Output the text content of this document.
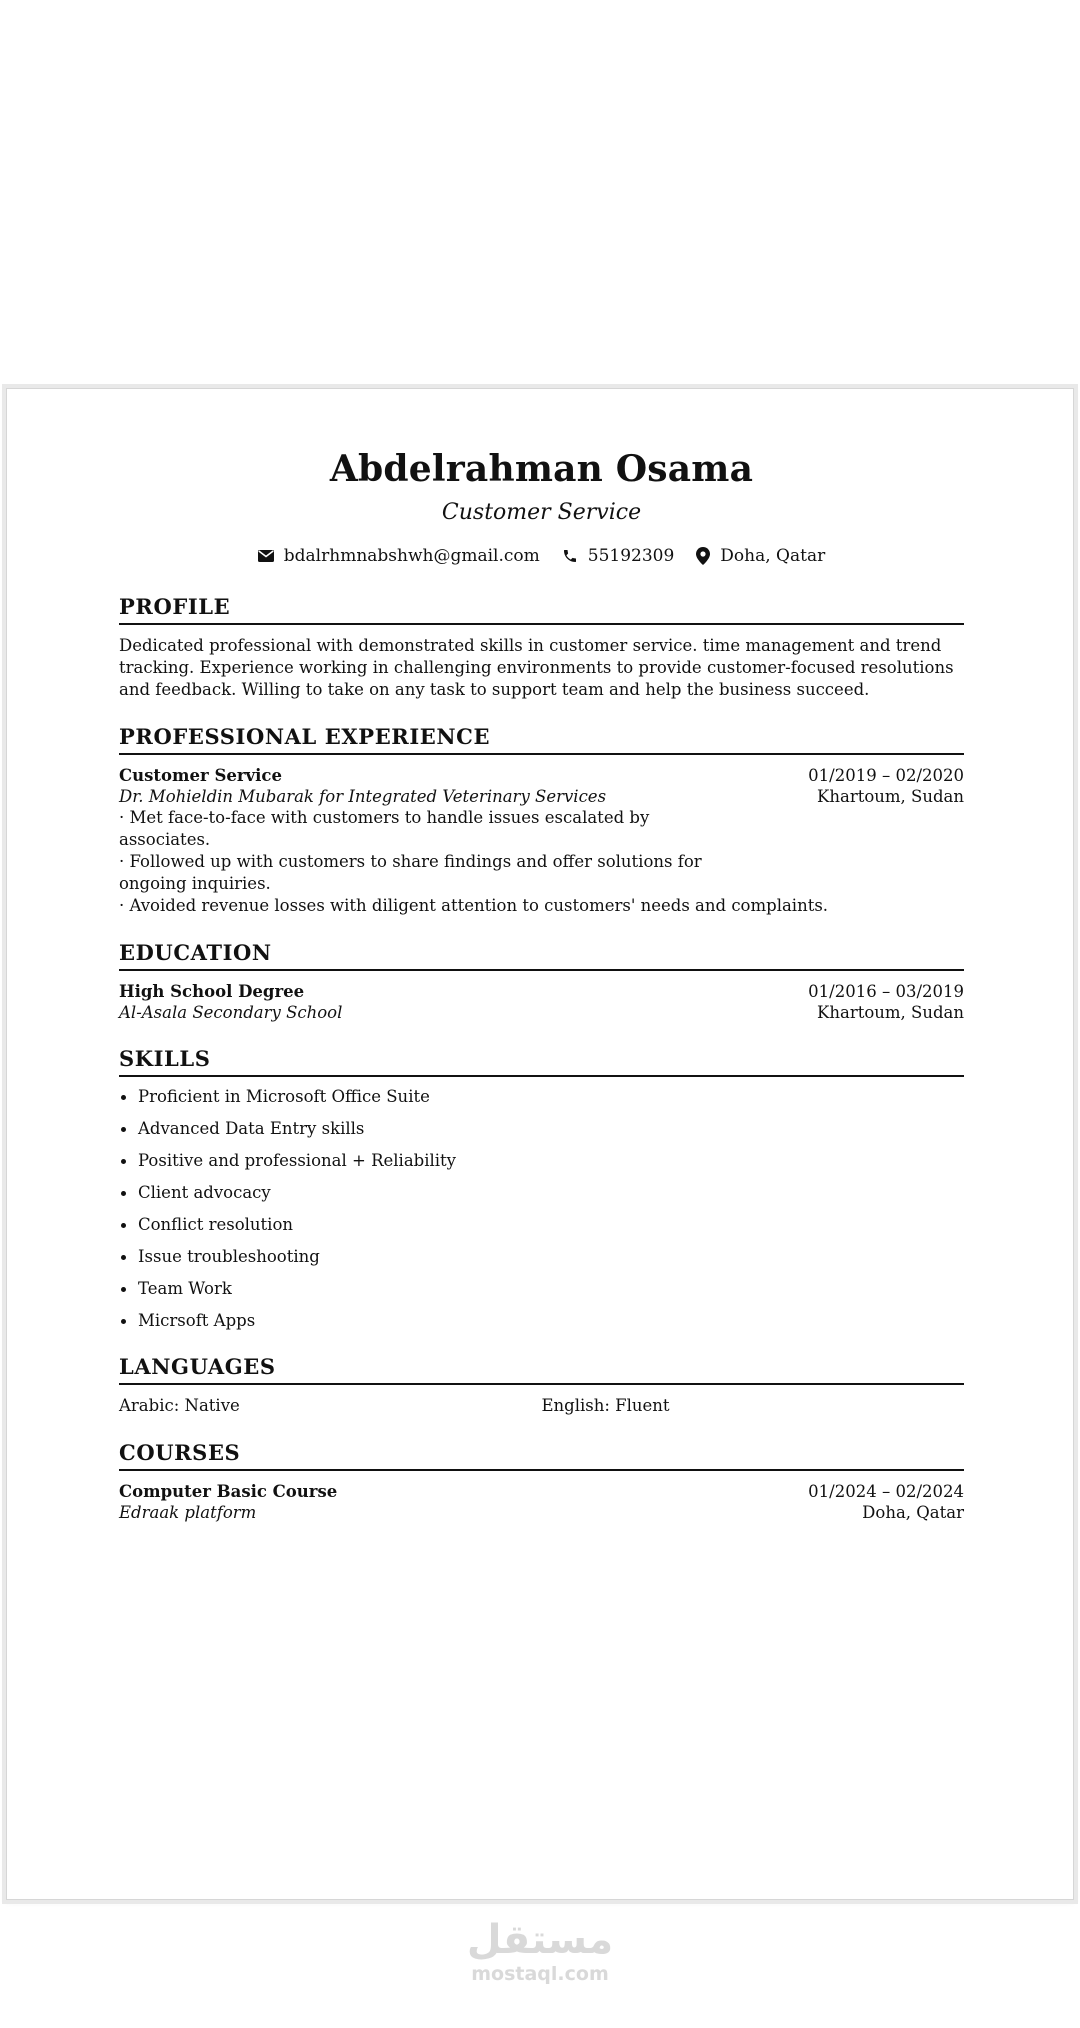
Abdelrahman Osama
Customer Service
bdalrhmnabshwh@gmail.com	55192309	Doha, Qatar
PROFILE
Dedicated professional with demonstrated skills in customer service. time management and trend tracking. Experience working in challenging environments to provide customer-focused resolutions and feedback. Willing to take on any task to support team and help the business succeed.
PROFESSIONAL EXPERIENCE
Customer Service	01/2019 – 02/2020
Dr. Mohieldin Mubarak for Integrated Veterinary Services	Khartoum, Sudan
· Met face-to-face with customers to handle issues escalated by associates.
· Followed up with customers to share findings and offer solutions for ongoing inquiries.
· Avoided revenue losses with diligent attention to customers' needs and complaints.
EDUCATION
High School Degree	01/2016 – 03/2019
Al-Asala Secondary School	Khartoum, Sudan
SKILLS
Proficient in Microsoft Office Suite
Advanced Data Entry skills
Positive and professional + Reliability
Client advocacy
Conflict resolution
Issue troubleshooting
Team Work
Micrsoft Apps
LANGUAGES
Arabic: Native	English: Fluent
COURSES
Computer Basic Course	01/2024 – 02/2024
Edraak platform	Doha, Qatar
مستقل
mostaql.com
